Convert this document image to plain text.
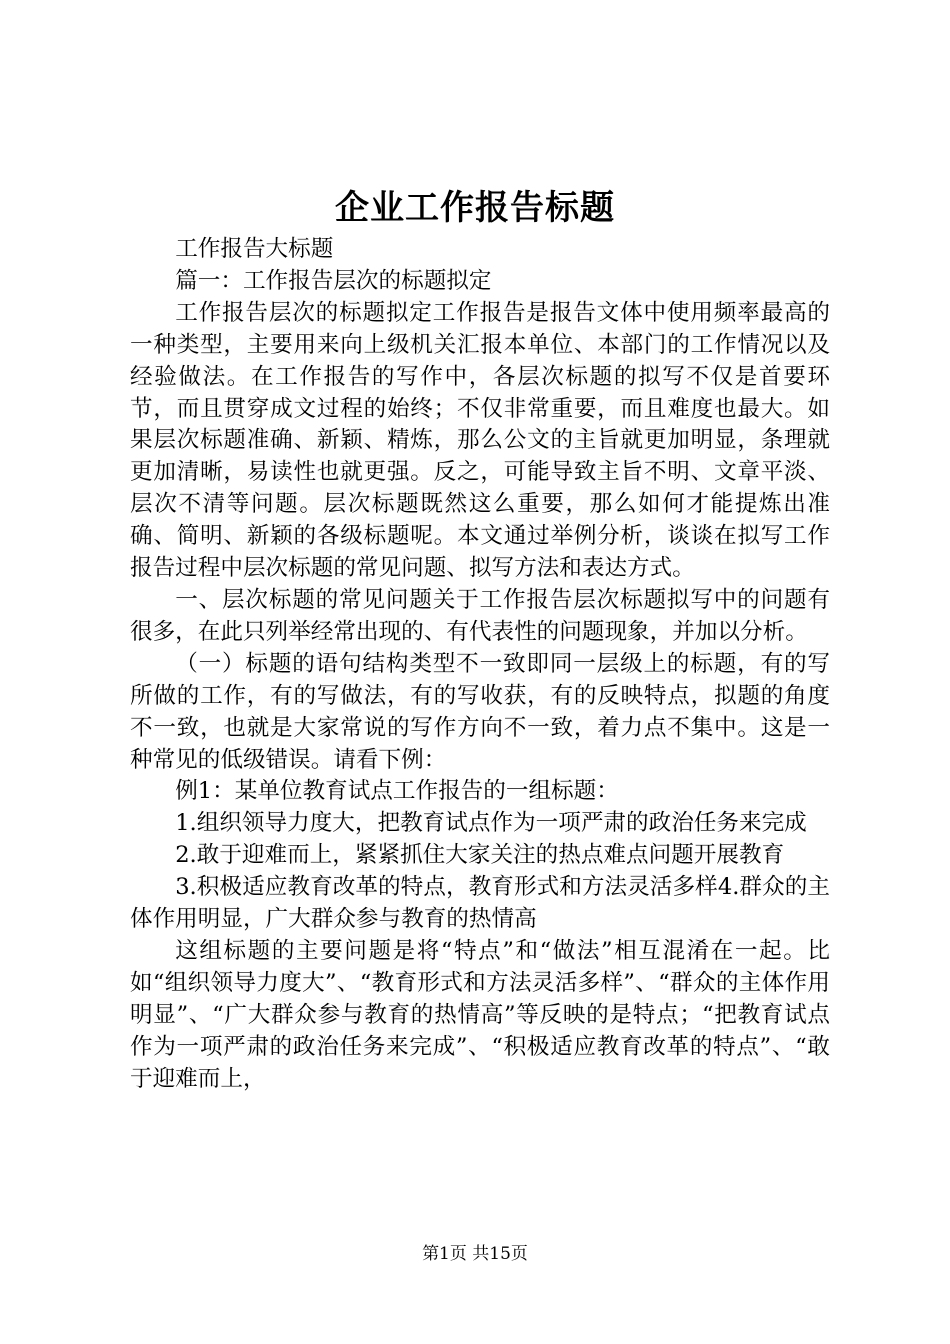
企业工作报告标题

工作报告大标题

篇一：工作报告层次的标题拟定

工作报告层次的标题拟定工作报告是报告文体中使用频率最高的一种类型，主要用来向上级机关汇报本单位、本部门的工作情况以及经验做法。在工作报告的写作中，各层次标题的拟写不仅是首要环节，而且贯穿成文过程的始终；不仅非常重要，而且难度也最大。如果层次标题准确、新颖、精炼，那么公文的主旨就更加明显，条理就更加清晰，易读性也就更强。反之，可能导致主旨不明、文章平淡、层次不清等问题。层次标题既然这么重要，那么如何才能提炼出准确、简明、新颖的各级标题呢。本文通过举例分析，谈谈在拟写工作报告过程中层次标题的常见问题、拟写方法和表达方式。

一、层次标题的常见问题关于工作报告层次标题拟写中的问题有很多，在此只列举经常出现的、有代表性的问题现象，并加以分析。

（一）标题的语句结构类型不一致即同一层级上的标题，有的写所做的工作，有的写做法，有的写收获，有的反映特点，拟题的角度不一致，也就是大家常说的写作方向不一致，着力点不集中。这是一种常见的低级错误。请看下例：

例1：某单位教育试点工作报告的一组标题：

1.组织领导力度大，把教育试点作为一项严肃的政治任务来完成

2.敢于迎难而上，紧紧抓住大家关注的热点难点问题开展教育

3.积极适应教育改革的特点，教育形式和方法灵活多样4.群众的主体作用明显，广大群众参与教育的热情高

这组标题的主要问题是将“特点”和“做法”相互混淆在一起。比如“组织领导力度大”、“教育形式和方法灵活多样”、“群众的主体作用明显”、“广大群众参与教育的热情高”等反映的是特点；“把教育试点作为一项严肃的政治任务来完成”、“积极适应教育改革的特点”、“敢于迎难而上，

第1页 共15页
